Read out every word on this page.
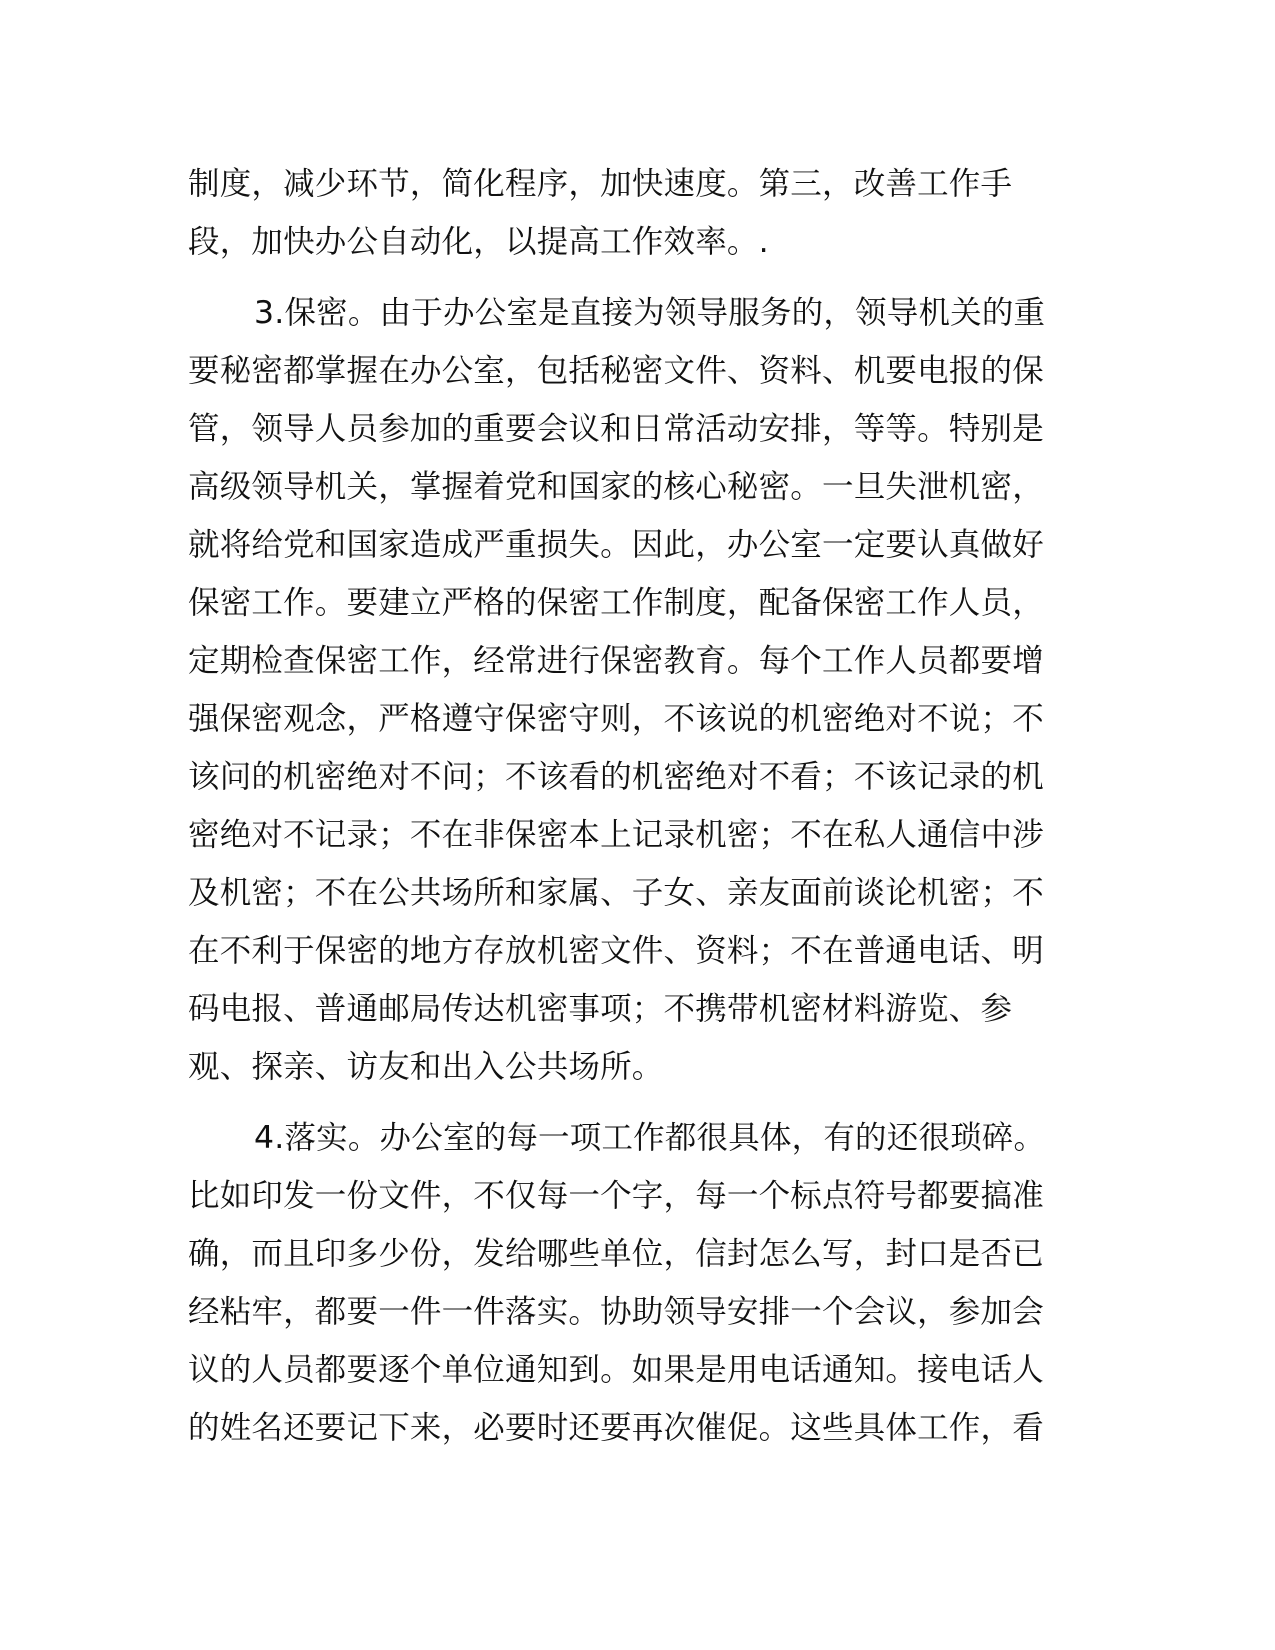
制度，减少环节，简化程序，加快速度。第三，改善工作手
段，加快办公自动化，以提高工作效率。.
3.保密。由于办公室是直接为领导服务的，领导机关的重
要秘密都掌握在办公室，包括秘密文件、资料、机要电报的保
管，领导人员参加的重要会议和日常活动安排，等等。特别是
高级领导机关，掌握着党和国家的核心秘密。一旦失泄机密，
就将给党和国家造成严重损失。因此，办公室一定要认真做好
保密工作。要建立严格的保密工作制度，配备保密工作人员，
定期检查保密工作，经常进行保密教育。每个工作人员都要增
强保密观念，严格遵守保密守则，不该说的机密绝对不说；不
该问的机密绝对不问；不该看的机密绝对不看；不该记录的机
密绝对不记录；不在非保密本上记录机密；不在私人通信中涉
及机密；不在公共场所和家属、子女、亲友面前谈论机密；不
在不利于保密的地方存放机密文件、资料；不在普通电话、明
码电报、普通邮局传达机密事项；不携带机密材料游览、参
观、探亲、访友和出入公共场所。
4.落实。办公室的每一项工作都很具体，有的还很琐碎。
比如印发一份文件，不仅每一个字，每一个标点符号都要搞准
确，而且印多少份，发给哪些单位，信封怎么写，封口是否已
经粘牢，都要一件一件落实。协助领导安排一个会议，参加会
议的人员都要逐个单位通知到。如果是用电话通知。接电话人
的姓名还要记下来，必要时还要再次催促。这些具体工作，看
